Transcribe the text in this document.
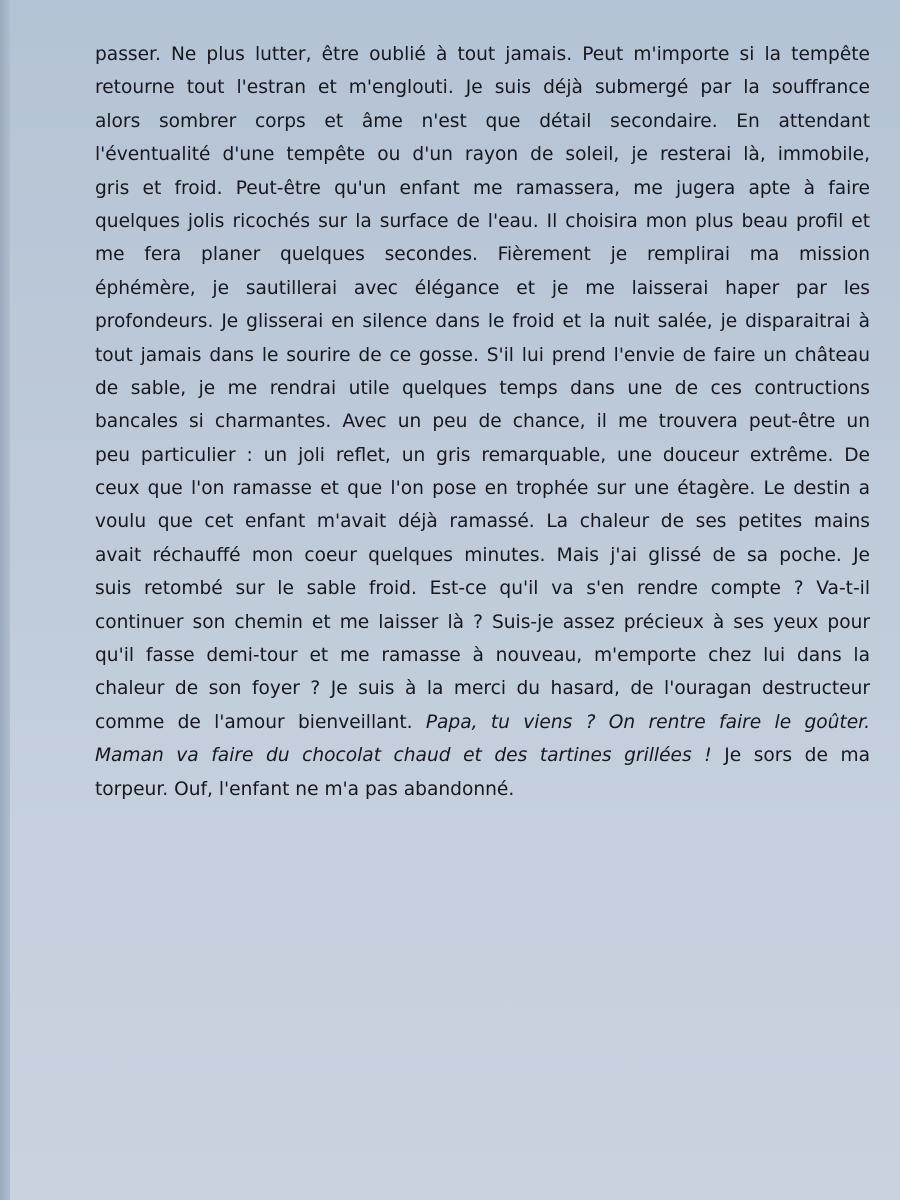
passer. Ne plus lutter, être oublié à tout jamais. Peut m'importe si la tempête
retourne tout l'estran et m'englouti. Je suis déjà submergé par la souffrance
alors sombrer corps et âme n'est que détail secondaire. En attendant
l'éventualité d'une tempête ou d'un rayon de soleil, je resterai là, immobile,
gris et froid. Peut-être qu'un enfant me ramassera, me jugera apte à faire
quelques jolis ricochés sur la surface de l'eau. Il choisira mon plus beau profil et
me fera planer quelques secondes. Fièrement je remplirai ma mission
éphémère, je sautillerai avec élégance et je me laisserai haper par les
profondeurs. Je glisserai en silence dans le froid et la nuit salée, je disparaitrai à
tout jamais dans le sourire de ce gosse. S'il lui prend l'envie de faire un château
de sable, je me rendrai utile quelques temps dans une de ces contructions
bancales si charmantes. Avec un peu de chance, il me trouvera peut-être un
peu particulier : un joli reflet, un gris remarquable, une douceur extrême. De
ceux que l'on ramasse et que l'on pose en trophée sur une étagère. Le destin a
voulu que cet enfant m'avait déjà ramassé. La chaleur de ses petites mains
avait réchauffé mon coeur quelques minutes. Mais j'ai glissé de sa poche. Je
suis retombé sur le sable froid. Est-ce qu'il va s'en rendre compte ? Va-t-il
continuer son chemin et me laisser là ? Suis-je assez précieux à ses yeux pour
qu'il fasse demi-tour et me ramasse à nouveau, m'emporte chez lui dans la
chaleur de son foyer ? Je suis à la merci du hasard, de l'ouragan destructeur
comme de l'amour bienveillant. Papa, tu viens ? On rentre faire le goûter.
Maman va faire du chocolat chaud et des tartines grillées ! Je sors de ma
torpeur. Ouf, l'enfant ne m'a pas abandonné.
